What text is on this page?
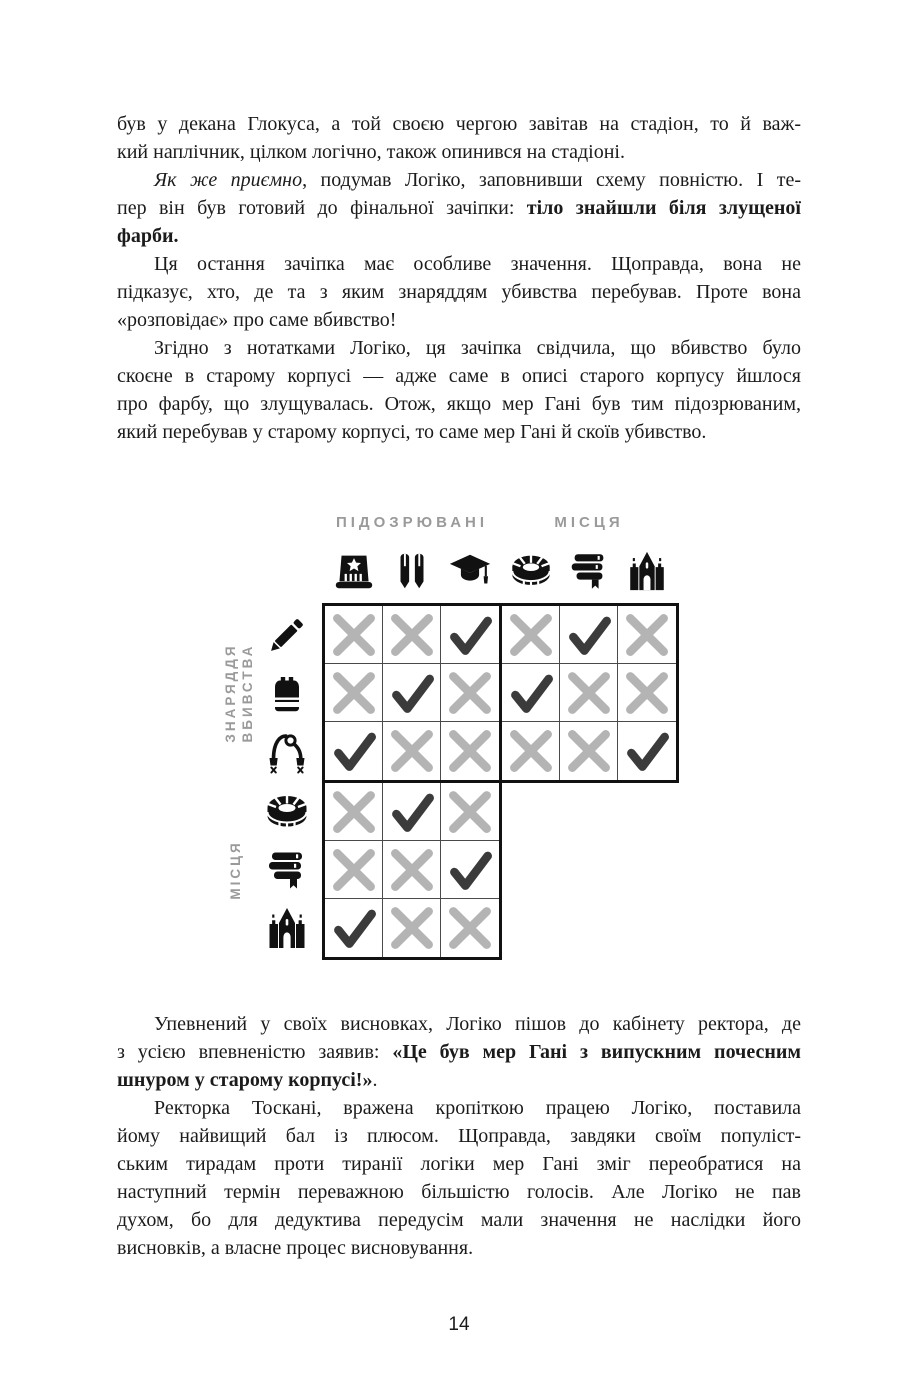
був у декана Глокуса, а той своєю чергою завітав на стадіон, то й важ-
кий наплічник, цілком логічно, також опинився на стадіоні.
Як же приємно, подумав Логіко, заповнивши схему повністю. І те-
пер він був готовий до фінальної зачіпки: тіло знайшли біля злущеної
фарби.
Ця остання зачіпка має особливе значення. Щоправда, вона не
підказує, хто, де та з яким знаряддям убивства перебував. Проте вона
«розповідає» про саме вбивство!
Згідно з нотатками Логіко, ця зачіпка свідчила, що вбивство було
скоєне в старому корпусі — адже саме в описі старого корпусу йшлося
про фарбу, що злущувалась. Отож, якщо мер Гані був тим підозрюваним,
який перебував у старому корпусі, то саме мер Гані й скоїв убивство.
ПІДОЗРЮВАНІ	МІСЦЯ
ЗНАРЯДДЯ ВБИВСТВА
МІСЦЯ
Упевнений у своїх висновках, Логіко пішов до кабінету ректора, де
з усією впевненістю заявив: «Це був мер Гані з випускним почесним
шнуром у старому корпусі!».
Ректорка Тоскані, вражена кропіткою працею Логіко, поставила
йому найвищий бал із плюсом. Щоправда, завдяки своїм популіст-
ським тирадам проти тиранії логіки мер Гані зміг переобратися на
наступний термін переважною більшістю голосів. Але Логіко не пав
духом, бо для дедуктива передусім мали значення не наслідки його
висновків, а власне процес висновування.
14
